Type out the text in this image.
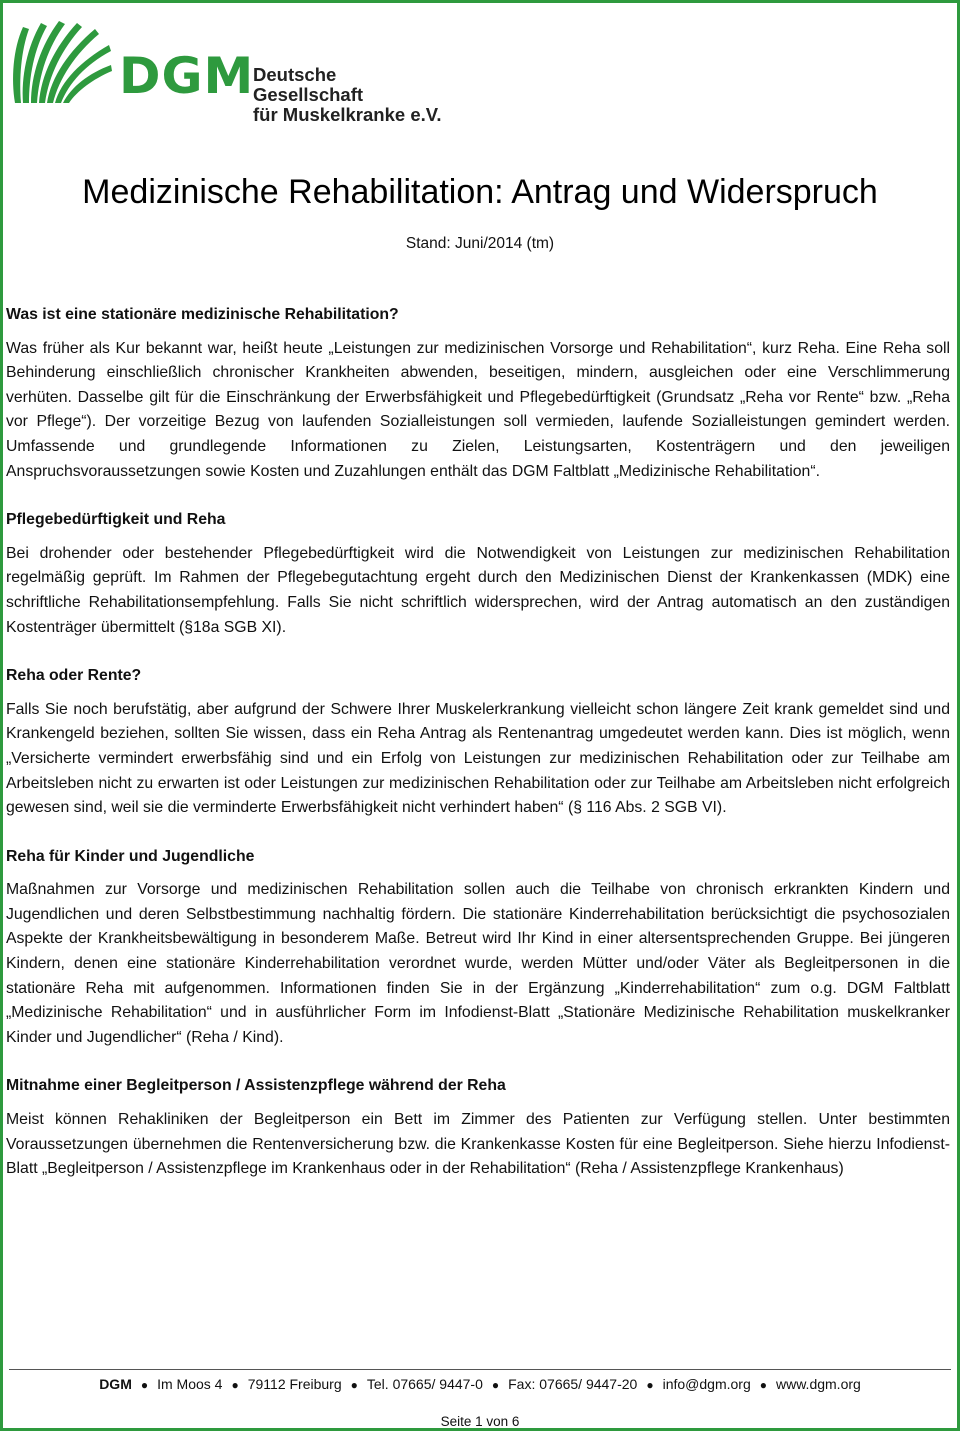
DGM
Deutsche Gesellschaft
für Muskelkranke e.V.
Medizinische Rehabilitation: Antrag und Widerspruch
Stand: Juni/2014 (tm)
Was ist eine stationäre medizinische Rehabilitation?

Was früher als Kur bekannt war, heißt heute „Leistungen zur medizinischen Vorsorge und Rehabilitation“, kurz Reha. Eine Reha soll Behinderung einschließlich chronischer Krankheiten abwenden, beseitigen, mindern, ausgleichen oder eine Verschlimmerung verhüten. Dasselbe gilt für die Einschränkung der Erwerbsfähigkeit und Pflegebedürftigkeit (Grundsatz „Reha vor Rente“ bzw. „Reha vor Pflege“). Der vorzeitige Bezug von laufenden Sozialleistungen soll vermieden, laufende Sozialleistungen gemindert werden. Umfassende und grundlegende Informationen zu Zielen, Leistungsarten, Kostenträgern und den jeweiligen Anspruchsvoraussetzungen sowie Kosten und Zuzahlungen enthält das DGM Faltblatt „Medizinische Rehabilitation“.

Pflegebedürftigkeit und Reha

Bei drohender oder bestehender Pflegebedürftigkeit wird die Notwendigkeit von Leistungen zur medizinischen Rehabilitation regelmäßig geprüft. Im Rahmen der Pflegebegutachtung ergeht durch den Medizinischen Dienst der Krankenkassen (MDK) eine schriftliche Rehabilitationsempfehlung. Falls Sie nicht schriftlich widersprechen, wird der Antrag automatisch an den zuständigen Kostenträger übermittelt (§18a SGB XI).

Reha oder Rente?

Falls Sie noch berufstätig, aber aufgrund der Schwere Ihrer Muskelerkrankung vielleicht schon längere Zeit krank gemeldet sind und Krankengeld beziehen, sollten Sie wissen, dass ein Reha Antrag als Rentenantrag umgedeutet werden kann. Dies ist möglich, wenn „Versicherte vermindert erwerbsfähig sind und ein Erfolg von Leistungen zur medizinischen Rehabilitation oder zur Teilhabe am Arbeitsleben nicht zu erwarten ist oder Leistungen zur medizinischen Rehabilitation oder zur Teilhabe am Arbeitsleben nicht erfolgreich gewesen sind, weil sie die verminderte Erwerbsfähigkeit nicht verhindert haben“ (§ 116 Abs. 2 SGB VI).

Reha für Kinder und Jugendliche

Maßnahmen zur Vorsorge und medizinischen Rehabilitation sollen auch die Teilhabe von chronisch erkrankten Kindern und Jugendlichen und deren Selbstbestimmung nachhaltig fördern. Die stationäre Kinderrehabilitation berücksichtigt die psychosozialen Aspekte der Krankheitsbewältigung in besonderem Maße. Betreut wird Ihr Kind in einer altersentsprechenden Gruppe. Bei jüngeren Kindern, denen eine stationäre Kinderrehabilitation verordnet wurde, werden Mütter und/oder Väter als Begleitpersonen in die stationäre Reha mit aufgenommen. Informationen finden Sie in der Ergänzung „Kinderrehabilitation“ zum o.g. DGM Faltblatt „Medizinische Rehabilitation“ und in ausführlicher Form im Infodienst-Blatt „Stationäre Medizinische Rehabilitation muskelkranker Kinder und Jugendlicher“ (Reha / Kind).

Mitnahme einer Begleitperson / Assistenzpflege während der Reha

Meist können Rehakliniken der Begleitperson ein Bett im Zimmer des Patienten zur Verfügung stellen. Unter bestimmten Voraussetzungen übernehmen die Rentenversicherung bzw. die Krankenkasse Kosten für eine Begleitperson. Siehe hierzu Infodienst-Blatt „Begleitperson / Assistenzpflege im Krankenhaus oder in der Rehabilitation“ (Reha / Assistenzpflege Krankenhaus)

DGM ● Im Moos 4 ● 79112 Freiburg ● Tel. 07665/ 9447-0 ● Fax: 07665/ 9447-20 ● info@dgm.org ● www.dgm.org
Seite 1 von 6
